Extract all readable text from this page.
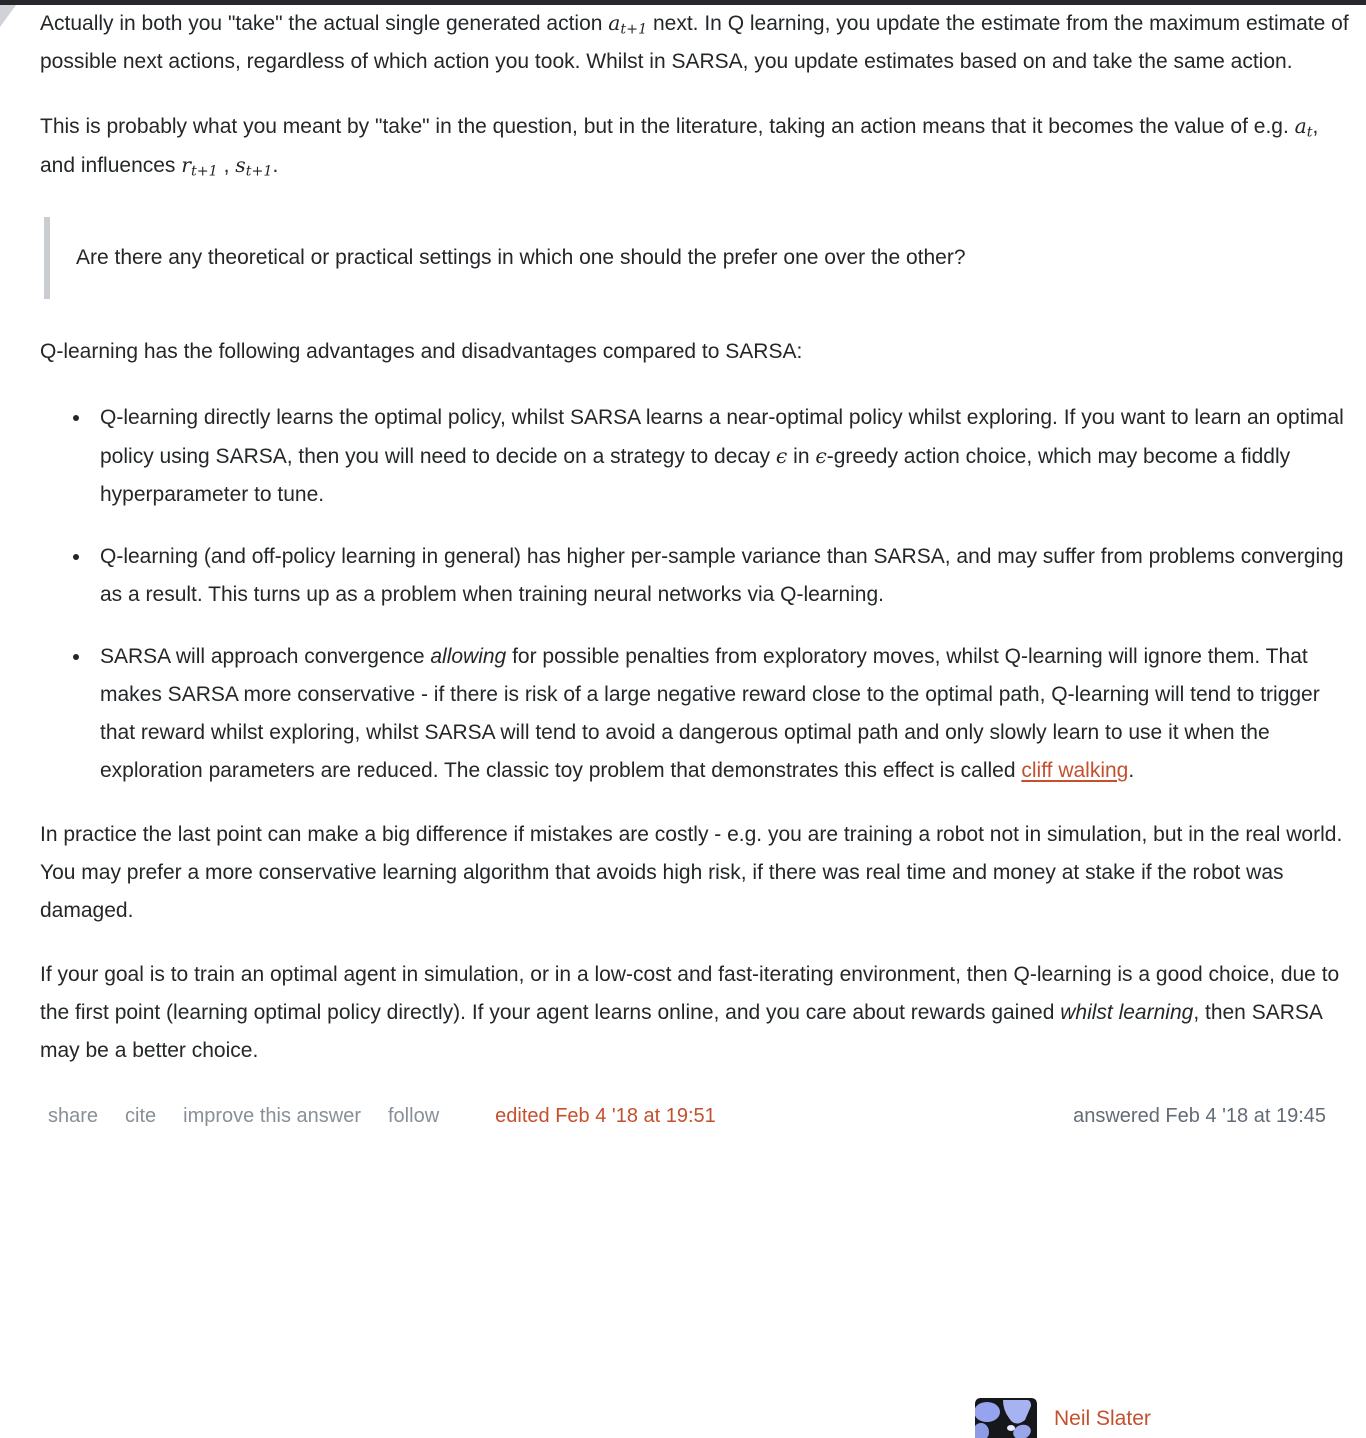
Actually in both you "take" the actual single generated action $a_{t+1}$ next. In Q learning, you update the estimate from the maximum estimate of possible next actions, regardless of which action you took. Whilst in SARSA, you update estimates based on and take the same action.

This is probably what you meant by "take" in the question, but in the literature, taking an action means that it becomes the value of e.g. $a_t$, and influences $r_{t+1}$ , $s_{t+1}$.

Are there any theoretical or practical settings in which one should the prefer one over the other?

Q-learning has the following advantages and disadvantages compared to SARSA:

• Q-learning directly learns the optimal policy, whilst SARSA learns a near-optimal policy whilst exploring. If you want to learn an optimal policy using SARSA, then you will need to decide on a strategy to decay ϵ in ϵ-greedy action choice, which may become a fiddly hyperparameter to tune.
• Q-learning (and off-policy learning in general) has higher per-sample variance than SARSA, and may suffer from problems converging as a result. This turns up as a problem when training neural networks via Q-learning.
• SARSA will approach convergence allowing for possible penalties from exploratory moves, whilst Q-learning will ignore them. That makes SARSA more conservative - if there is risk of a large negative reward close to the optimal path, Q-learning will tend to trigger that reward whilst exploring, whilst SARSA will tend to avoid a dangerous optimal path and only slowly learn to use it when the exploration parameters are reduced. The classic toy problem that demonstrates this effect is called cliff walking.

In practice the last point can make a big difference if mistakes are costly - e.g. you are training a robot not in simulation, but in the real world. You may prefer a more conservative learning algorithm that avoids high risk, if there was real time and money at stake if the robot was damaged.

If your goal is to train an optimal agent in simulation, or in a low-cost and fast-iterating environment, then Q-learning is a good choice, due to the first point (learning optimal policy directly). If your agent learns online, and you care about rewards gained whilst learning, then SARSA may be a better choice.

share cite improve this answer follow	edited Feb 4 '18 at 19:51	answered Feb 4 '18 at 19:45
Neil Slater
